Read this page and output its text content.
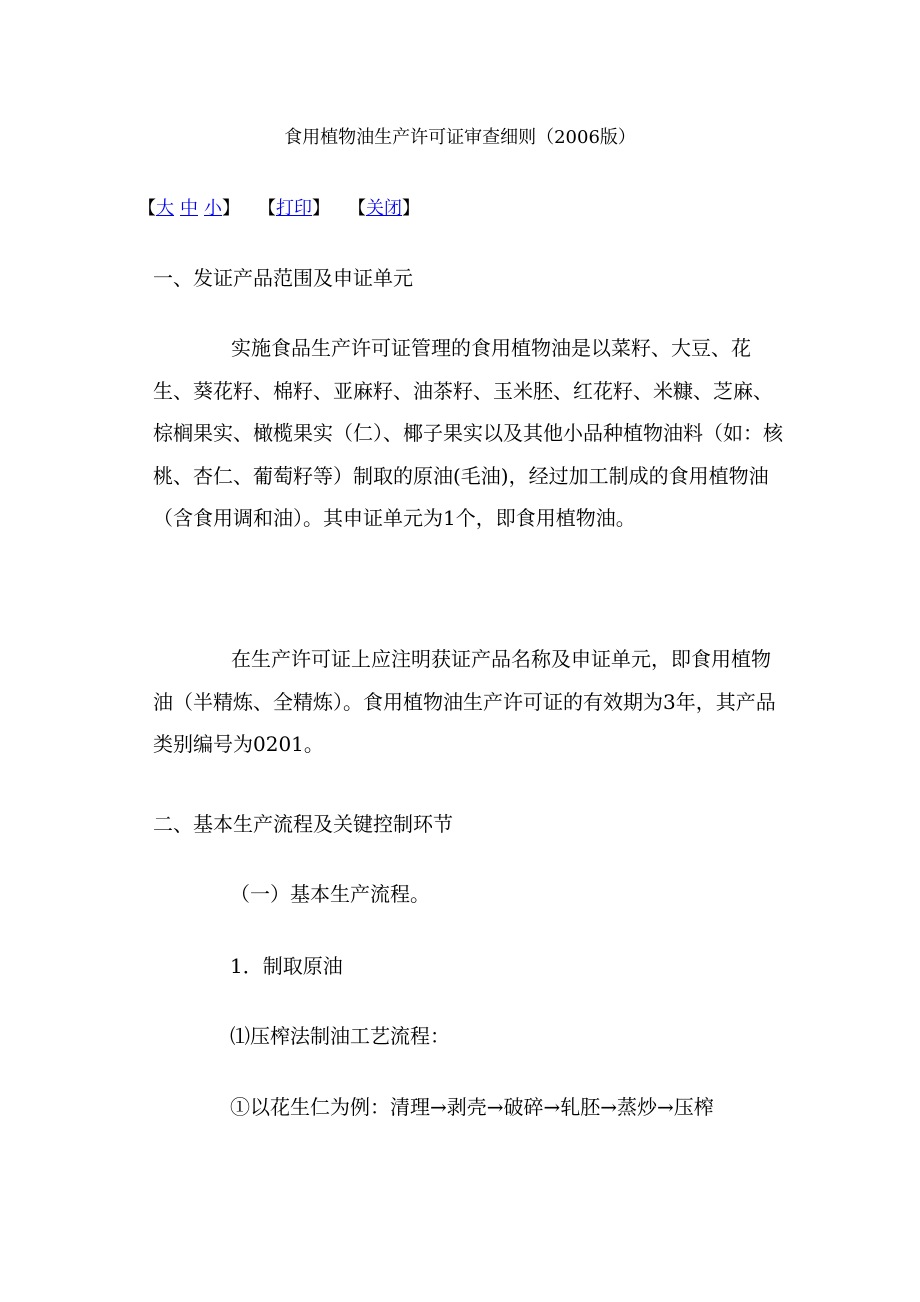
食用植物油生产许可证审查细则（2006版）
【大 中 小】 【打印】 【关闭】
一、发证产品范围及申证单元

实施食品生产许可证管理的食用植物油是以菜籽、大豆、花生、葵花籽、棉籽、亚麻籽、油茶籽、玉米胚、红花籽、米糠、芝麻、棕榈果实、橄榄果实（仁）、椰子果实以及其他小品种植物油料（如：核桃、杏仁、葡萄籽等）制取的原油(毛油)，经过加工制成的食用植物油（含食用调和油）。其申证单元为1个，即食用植物油。

在生产许可证上应注明获证产品名称及申证单元，即食用植物油（半精炼、全精炼）。食用植物油生产许可证的有效期为3年，其产品类别编号为0201。

二、基本生产流程及关键控制环节
（一）基本生产流程。
1．制取原油
⑴压榨法制油工艺流程：
①以花生仁为例：清理→剥壳→破碎→轧胚→蒸炒→压榨
